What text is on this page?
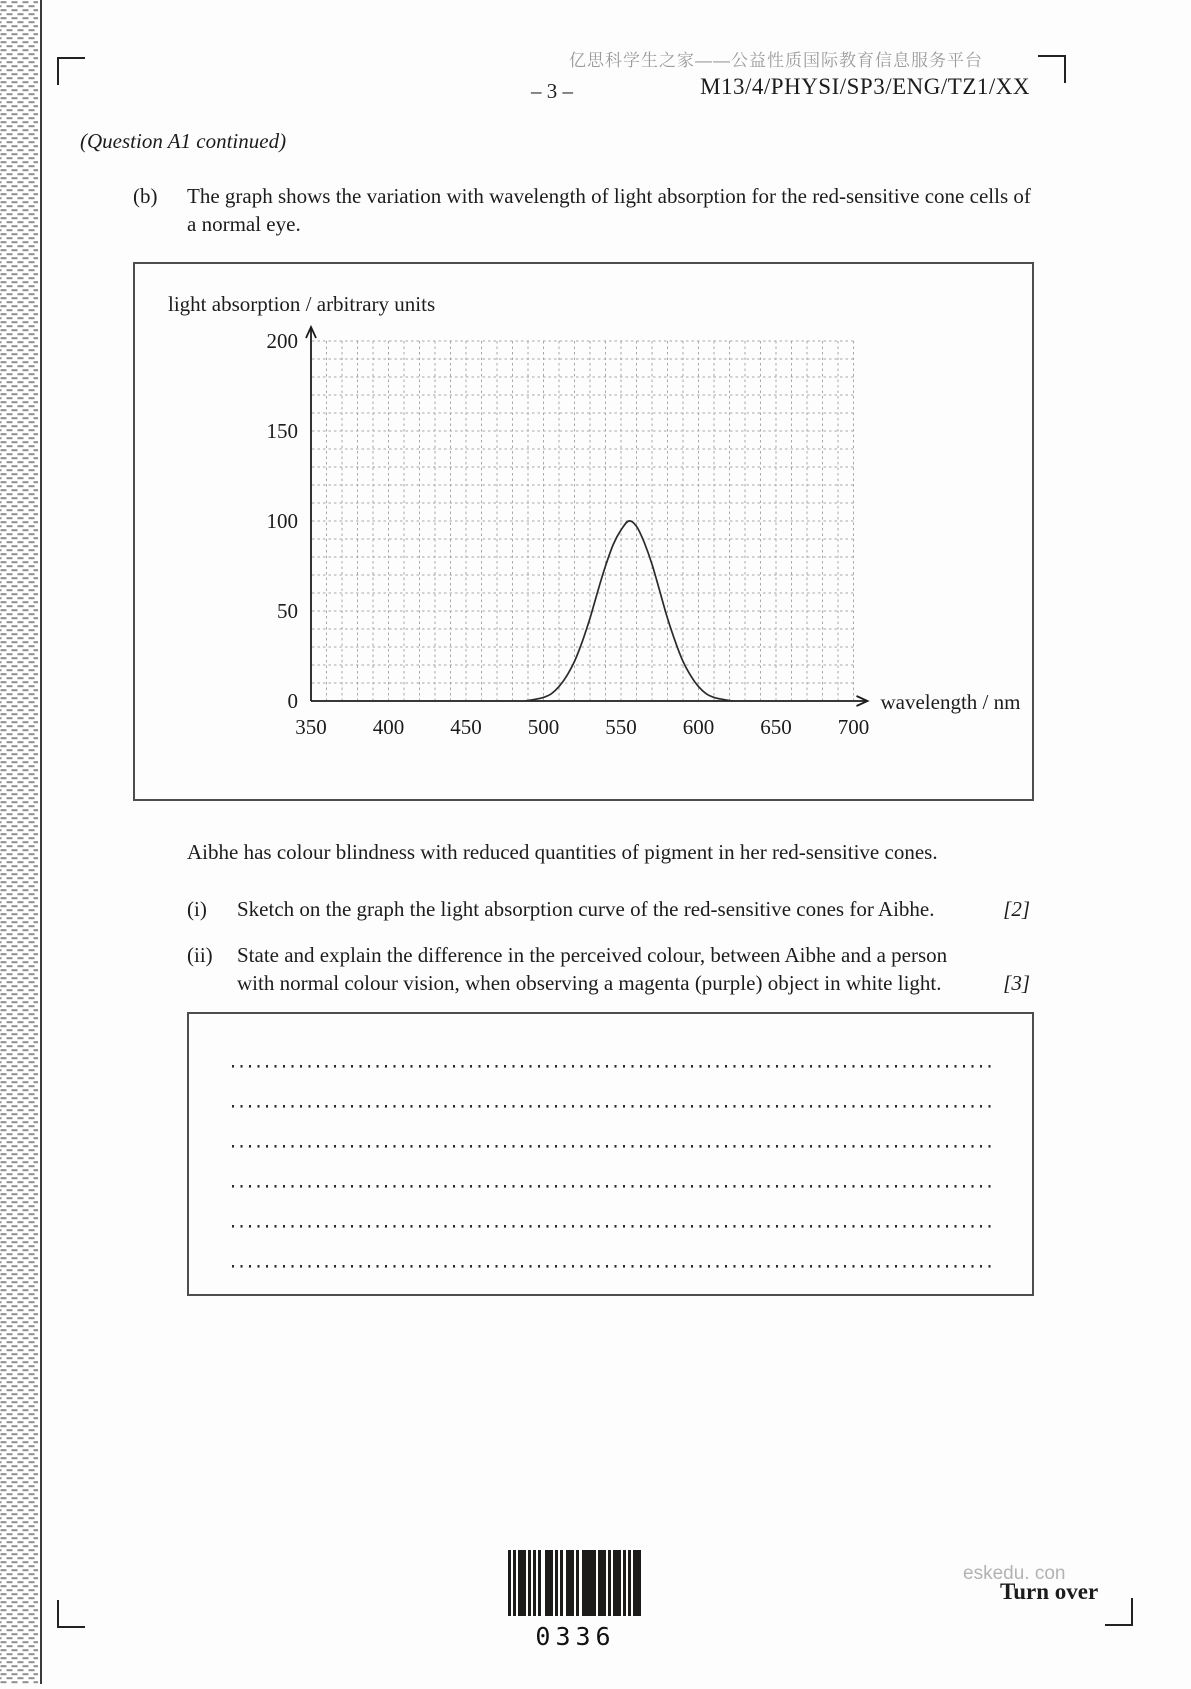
亿思科学生之家——公益性质国际教育信息服务平台
– 3 –	M13/4/PHYSI/SP3/ENG/TZ1/XX
(Question A1 continued)
(b) The graph shows the variation with wavelength of light absorption for the red-sensitive cone cells of a normal eye.
light absorption / arbitrary units
350 400 450 500 550 600 650 700
0
50
100
150
200
wavelength / nm
Aibhe has colour blindness with reduced quantities of pigment in her red-sensitive cones.
(i) Sketch on the graph the light absorption curve of the red-sensitive cones for Aibhe.	[2]
(ii) State and explain the difference in the perceived colour, between Aibhe and a person with normal colour vision, when observing a magenta (purple) object in white light.	[3]
0336
eskedu. con
Turn over
